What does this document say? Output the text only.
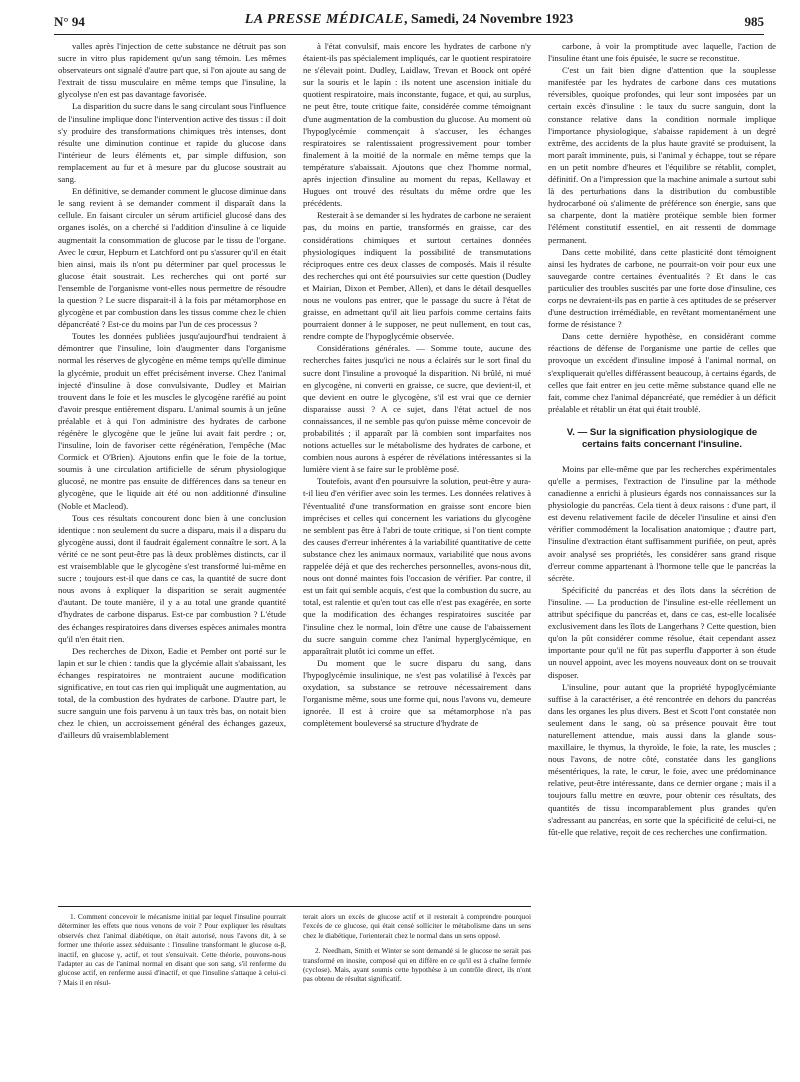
N° 94	LA PRESSE MÉDICALE, Samedi, 24 Novembre 1923	985

valles après l'injection de cette substance ne détruit pas son sucre in vitro plus rapidement qu'un sang témoin. Les mêmes observateurs ont signalé d'autre part que, si l'on ajoute au sang de l'extrait de tissu musculaire en même temps que l'insuline, la glycolyse n'en est pas davantage favorisée.

La disparition du sucre dans le sang circulant sous l'influence de l'insuline implique donc l'intervention active des tissus : il doit s'y produire des transformations chimiques très intenses, dont résulte une diminution continue et rapide du glucose dans l'intérieur de leurs éléments et, par simple diffusion, son remplacement au fur et à mesure par du glucose soustrait au sang.

En définitive, se demander comment le glucose diminue dans le sang revient à se demander comment il disparaît dans la cellule. En faisant circuler un sérum artificiel glucosé dans des organes isolés, on a cherché si l'addition d'insuline à ce liquide augmentait la consommation de glucose par le tissu de l'organe. Avec le cœur, Hepburn et Latchford ont pu s'assurer qu'il en était bien ainsi, mais ils n'ont pu déterminer par quel processus le glucose était soustrait. Les recherches qui ont porté sur l'ensemble de l'organisme vont-elles nous permettre de résoudre la question ? Le sucre disparait-il à la fois par métamorphose en glycogène et par combustion dans les tissus comme chez le chien dépancréaté ? Est-ce du moins par l'un de ces processus ?

Toutes les données publiées jusqu'aujourd'hui tendraient à démontrer que l'insuline, loin d'augmenter dans l'organisme normal les réserves de glycogène en même temps qu'elle diminue la glycémie, produit un effet précisément inverse. Chez l'animal injecté d'insuline à dose convulsivante, Dudley et Mairian trouvent dans le foie et les muscles le glycogène raréfié au point d'avoir presque entièrement disparu. L'animal soumis à un jeûne préalable et à qui l'on administre des hydrates de carbone régénère le glycogène que le jeûne lui avait fait perdre ; or, l'insuline, loin de favoriser cette régénération, l'empêche (Mac Cormick et O'Brien). Ajoutons enfin que le foie de la tortue, soumis à une circulation artificielle de sérum physiologique glucosé, ne montre pas ensuite de différences dans sa teneur en glycogène, que le liquide ait été ou non additionné d'insuline (Noble et Macleod).

Tous ces résultats concourent donc bien à une conclusion identique : non seulement du sucre a disparu, mais il a disparu du glycogène aussi, dont il faudrait également connaître le sort. A la vérité ce ne sont peut-être pas là deux problèmes distincts, car il est vraisemblable que le glycogène s'est transformé lui-même en sucre ; toujours est-il que dans ce cas, la quantité de sucre dont nous avons à expliquer la disparition se serait augmentée d'autant. De toute manière, il y a au total une grande quantité d'hydrates de carbone disparus. Est-ce par combustion ? L'étude des échanges respiratoires dans diverses espèces animales montra qu'il n'en était rien.

Des recherches de Dixon, Eadie et Pember ont porté sur le lapin et sur le chien : tandis que la glycémie allait s'abaissant, les échanges respiratoires ne montraient aucune modification significative, en tout cas rien qui impliquât une augmentation, au total, de la combustion des hydrates de carbone. D'autre part, le sucre sanguin une fois parvenu à un taux très bas, on notait bien chez le chien, un accroissement général des échanges gazeux, d'ailleurs dû vraisemblablement

à l'état convulsif, mais encore les hydrates de carbone n'y étaient-ils pas spécialement impliqués, car le quotient respiratoire ne s'élevait point. Dudley, Laidlaw, Trevan et Boock ont opéré sur la souris et le lapin : ils notent une ascension initiale du quotient respiratoire, mais inconstante, fugace, et qui, au surplus, ne peut être, toute critique faite, considérée comme témoignant d'une augmentation de la combustion du glucose. Au moment où l'hypoglycémie commençait à s'accuser, les échanges respiratoires se ralentissaient progressivement pour tomber finalement à la moitié de la normale en même temps que la température s'abaissait. Ajoutons que chez l'homme normal, après injection d'insuline au moment du repas, Kellaway et Hugues ont trouvé des résultats du même ordre que les précédents.

Resterait à se demander si les hydrates de carbone ne seraient pas, du moins en partie, transformés en graisse, car des considérations chimiques et surtout certaines données physiologiques indiquent la possibilité de transmutations réciproques entre ces deux classes de composés. Mais il résulte des recherches qui ont été poursuivies sur cette question (Dudley et Mairian, Dixon et Pember, Allen), et dans le détail desquelles nous ne voulons pas entrer, que le passage du sucre à l'état de graisse, en admettant qu'il ait lieu parfois comme certains faits pourraient donner à le supposer, ne peut nullement, en tout cas, rendre compte de l'hypoglycémie observée.

Considérations générales. — Somme toute, aucune des recherches faites jusqu'ici ne nous a éclairés sur le sort final du sucre dont l'insuline a provoqué la disparition. Ni brûlé, ni mué en glycogène, ni converti en graisse, ce sucre, que devient-il, et que devient en outre le glycogène, s'il est vrai que ce dernier disparaisse aussi ? A ce sujet, dans l'état actuel de nos connaissances, il ne semble pas qu'on puisse même concevoir de probabilités ; il apparaît par là combien sont imparfaites nos notions actuelles sur le métabolisme des hydrates de carbone, et combien nous aurons à espérer de révélations intéressantes si la lumière vient à se faire sur le problème posé.

Toutefois, avant d'en poursuivre la solution, peut-être y aura-t-il lieu d'en vérifier avec soin les termes. Les données relatives à l'éventualité d'une transformation en graisse sont encore bien imprécises et celles qui concernent les variations du glycogène ne semblent pas être à l'abri de toute critique, si l'on tient compte des causes d'erreur inhérentes à la variabilité quantitative de cette substance chez les animaux normaux, variabilité que nous avons rappelée déjà et que des recherches personnelles, avons-nous dit, nous ont donné maintes fois l'occasion de vérifier. Par contre, il est un fait qui semble acquis, c'est que la combustion du sucre, au total, est ralentie et qu'en tout cas elle n'est pas exagérée, en sorte que la modification des échanges respiratoires suscitée par l'insuline chez le normal, loin d'être une cause de l'abaissement du sucre sanguin comme chez l'animal hyperglycémique, en apparaîtrait plutôt ici comme un effet.

Du moment que le sucre disparu du sang, dans l'hypoglycémie insulinique, ne s'est pas volatilisé à l'excès par oxydation, sa substance se retrouve nécessairement dans l'organisme même, sous une forme qui, nous l'avons vu, demeure ignorée. Il est à croire que sa métamorphose n'a pas complètement bouleversé sa structure d'hydrate de

carbone, à voir la promptitude avec laquelle, l'action de l'insuline étant une fois épuisée, le sucre se reconstitue.

C'est un fait bien digne d'attention que la souplesse manifestée par les hydrates de carbone dans ces mutations réversibles, quoique profondes, qui leur sont imposées par un certain excès d'insuline : le taux du sucre sanguin, dont la constance relative dans la condition normale implique l'importance physiologique, s'abaisse rapidement à un degré extrême, des accidents de la plus haute gravité se produisent, la mort paraît imminente, puis, si l'animal y échappe, tout se répare en un petit nombre d'heures et l'équilibre se rétablit, complet, définitif. On a l'impression que la machine animale a surtout subi là des perturbations dans la distribution du combustible hydrocarboné où s'alimente de préférence son énergie, sans que sa charpente, dont la matière protéique semble bien former l'élément constitutif essentiel, en ait ressenti de dommage permanent.

Dans cette mobilité, dans cette plasticité dont témoignent ainsi les hydrates de carbone, ne pourrait-on voir pour eux une sauvegarde contre certaines éventualités ? Et dans le cas particulier des troubles suscités par une forte dose d'insuline, ces corps ne devraient-ils pas en partie à ces aptitudes de se préserver d'une destruction irrémédiable, en revêtant momentanément une forme de résistance ?

Dans cette dernière hypothèse, en considérant comme réactions de défense de l'organisme une partie de celles que provoque un excédent d'insuline imposé à l'animal normal, on s'expliquerait qu'elles différassent beaucoup, à certains égards, de celles que fait entrer en jeu cette même substance quand elle ne fait, comme chez l'animal dépancréaté, que remédier à un déficit préalable et rétablir un état qui était troublé.

V. — Sur la signification physiologique de certains faits concernant l'insuline.

Moins par elle-même que par les recherches expérimentales qu'elle a permises, l'extraction de l'insuline par la méthode canadienne a enrichi à plusieurs égards nos connaissances sur la physiologie du pancréas. Cela tient à deux raisons : d'une part, il est devenu relativement facile de déceler l'insuline et ainsi d'en vérifier commodément la localisation anatomique ; d'autre part, l'insuline d'extraction étant suffisamment purifiée, on peut, après avoir analysé ses propriétés, les considérer sans grand risque d'erreur comme appartenant à l'hormone telle que le pancréas la sécrète.

Spécificité du pancréas et des îlots dans la sécrétion de l'insuline. — La production de l'insuline est-elle réellement un attribut spécifique du pancréas et, dans ce cas, est-elle localisée exclusivement dans les îlots de Langerhans ? Cette question, bien qu'on la pût considérer comme résolue, était cependant assez importante pour qu'il ne fût pas superflu d'apporter à son étude un nouvel appoint, avec les moyens nouveaux dont on se trouvait disposer.

L'insuline, pour autant que la propriété hypoglycémiante suffise à la caractériser, a été rencontrée en dehors du pancréas dans les organes les plus divers. Best et Scott l'ont constatée non seulement dans le sang, où sa présence pouvait être tout naturellement attendue, mais aussi dans la glande sous-maxillaire, le thymus, la thyroïde, le foie, la rate, les muscles ; nous l'avons, de notre côté, constatée dans les ganglions mésentériques, la rate, le cœur, le foie, avec une prédominance relative, peut-être intéressante, dans ce dernier organe ; mais il a toujours fallu mettre en œuvre, pour obtenir ces résultats, des quantités de tissu incomparablement plus grandes qu'en s'adressant au pancréas, en sorte que la spécificité de celui-ci, ne fût-elle que relative, reçoit de ces recherches une confirmation.

1. Comment concevoir le mécanisme initial par lequel l'insuline pourrait déterminer les effets que nous venons de voir ? Pour expliquer les résultats observés chez l'animal diabétique, on était autorisé, nous l'avons dit, à se former une théorie assez séduisante : l'insuline transformant le glucose α-β, inactif, en glucose γ, actif, et tout s'ensuivait. Cette théorie, pouvons-nous l'adapter au cas de l'animal normal en disant que son sang, s'il renferme du glucose actif, en renferme aussi d'inactif, et que l'insuline s'attaque à celui-ci ? Mais il en résul-

terait alors un excès de glucose actif et il resterait à comprendre pourquoi l'excès de ce glucose, qui était censé solliciter le métabolisme dans un sens chez le diabétique, l'orienterait chez le normal dans un sens opposé.

2. Needham, Smith et Winter se sont demandé si le glucose ne serait pas transformé en inosite, composé qui en diffère en ce qu'il est à chaîne fermée (cyclose). Mais, ayant soumis cette hypothèse à un contrôle direct, ils n'ont pas obtenu de résultat significatif.
